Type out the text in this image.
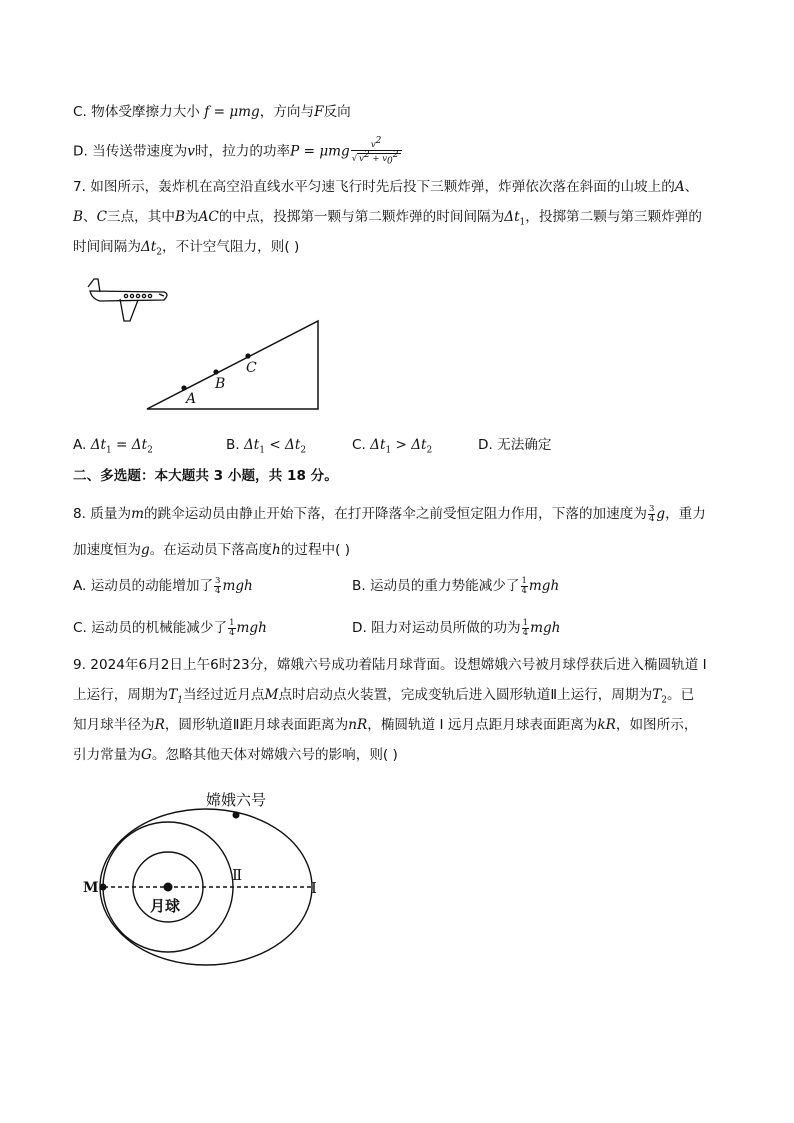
C. 物体受摩擦力大小 f = μmg，方向与F反向
D. 当传送带速度为v时，拉力的功率P = μmg $\frac{v^2}{√ v^2 + v_0^2}$
7. 如图所示，轰炸机在高空沿直线水平匀速飞行时先后投下三颗炸弹，炸弹依次落在斜面的山坡上的A、
B、C三点，其中B为AC的中点，投掷第一颗与第二颗炸弹的时间间隔为$\Delta t_1$，投掷第二颗与第三颗炸弹的
时间间隔为$\Delta t_2$，不计空气阻力，则( )
A
B
C
A. $\Delta t_1 = \Delta t_2$	B. $\Delta t_1 < \Delta t_2$	C. $\Delta t_1 > \Delta t_2$	D. 无法确定
二、多选题：本大题共 3 小题，共 18 分。
8. 质量为m的跳伞运动员由静止开始下落，在打开降落伞之前受恒定阻力作用，下落的加速度为 $\frac{3}{4}$ g，重力
加速度恒为g。在运动员下落高度h的过程中( )
A. 运动员的动能增加了 $\frac{3}{4}$ mgh	B. 运动员的重力势能减少了 $\frac{1}{4}$ mgh
C. 运动员的机械能减少了 $\frac{1}{4}$ mgh	D. 阻力对运动员所做的功为 $\frac{1}{4}$ mgh
9. 2024年6月2日上午6时23分，嫦娥六号成功着陆月球背面。设想嫦娥六号被月球俘获后进入椭圆轨道 I
上运行，周期为$T_1$当经过近月点M点时启动点火装置，完成变轨后进入圆形轨道Ⅱ上运行，周期为$T_2$。已
知月球半径为R，圆形轨道Ⅱ距月球表面距离为nR，椭圆轨道 I 远月点距月球表面距离为kR，如图所示，
引力常量为G。忽略其他天体对嫦娥六号的影响，则( )
嫦娥六号
月球
M
Ⅱ
I
